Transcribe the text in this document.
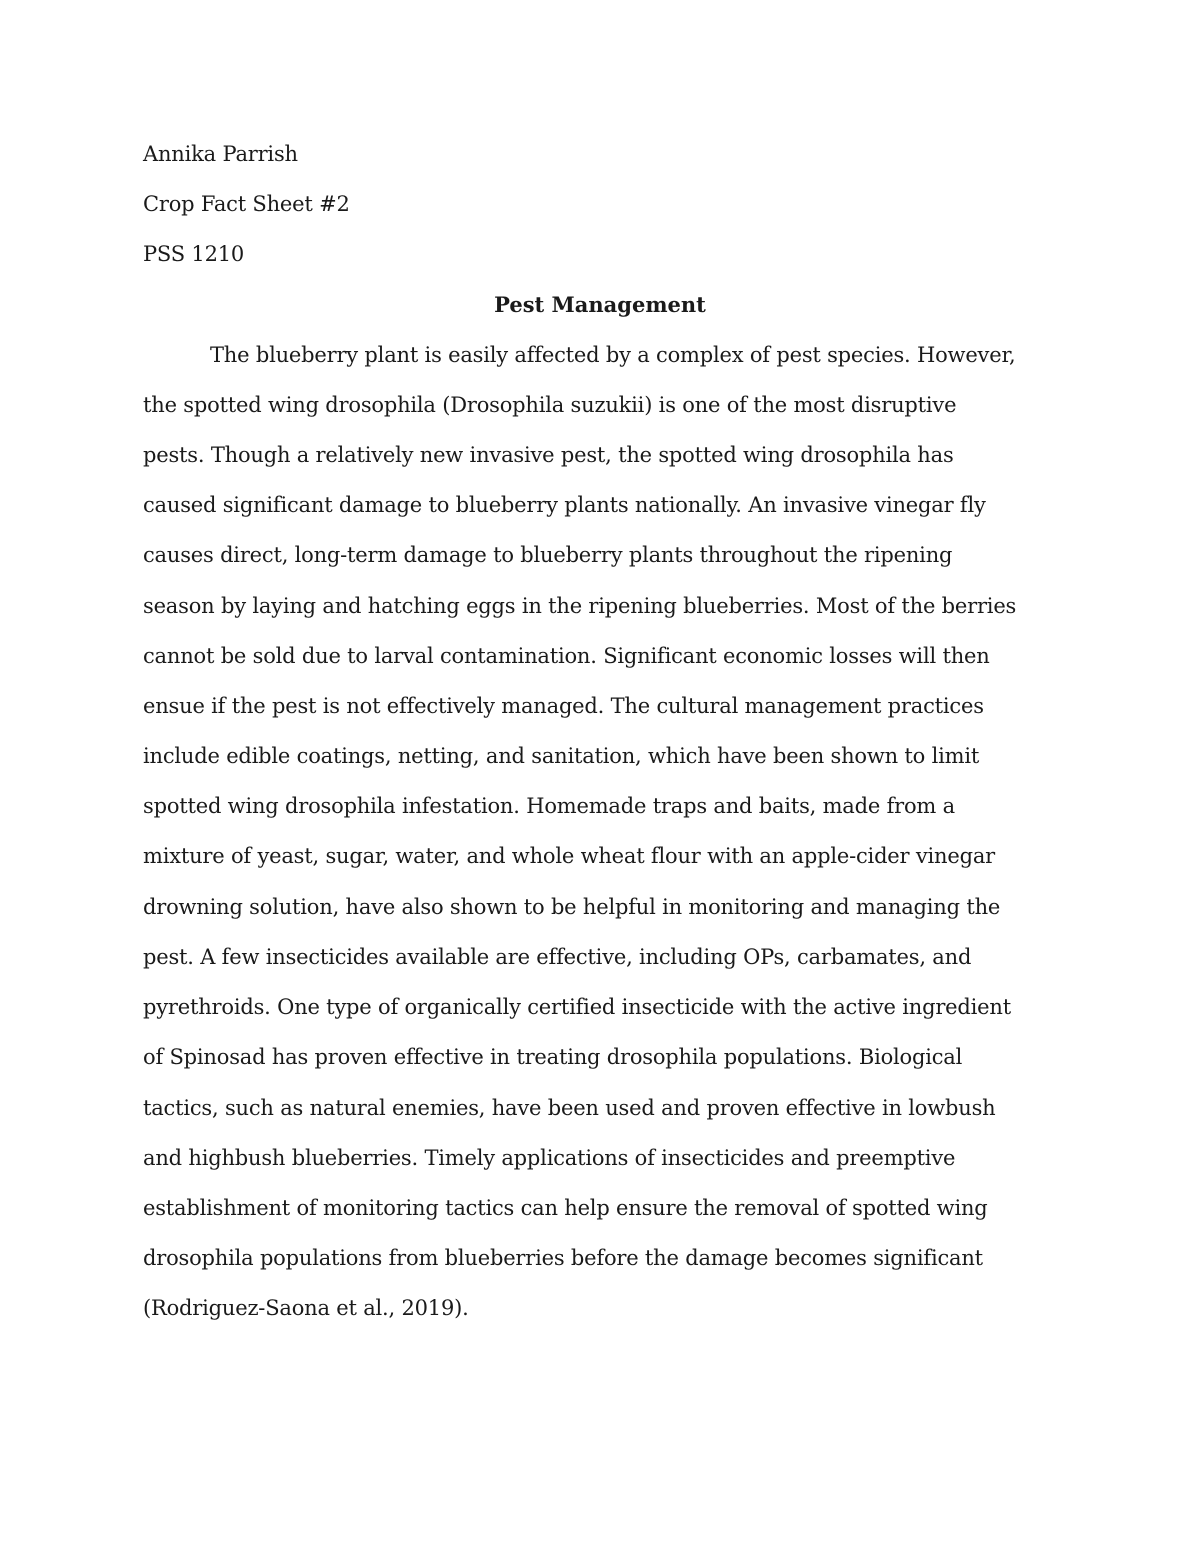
Annika Parrish
Crop Fact Sheet #2
PSS 1210
Pest Management
The blueberry plant is easily affected by a complex of pest species. However,
the spotted wing drosophila (Drosophila suzukii) is one of the most disruptive
pests. Though a relatively new invasive pest, the spotted wing drosophila has
caused significant damage to blueberry plants nationally. An invasive vinegar fly
causes direct, long-term damage to blueberry plants throughout the ripening
season by laying and hatching eggs in the ripening blueberries. Most of the berries
cannot be sold due to larval contamination. Significant economic losses will then
ensue if the pest is not effectively managed. The cultural management practices
include edible coatings, netting, and sanitation, which have been shown to limit
spotted wing drosophila infestation. Homemade traps and baits, made from a
mixture of yeast, sugar, water, and whole wheat flour with an apple-cider vinegar
drowning solution, have also shown to be helpful in monitoring and managing the
pest. A few insecticides available are effective, including OPs, carbamates, and
pyrethroids. One type of organically certified insecticide with the active ingredient
of Spinosad has proven effective in treating drosophila populations. Biological
tactics, such as natural enemies, have been used and proven effective in lowbush
and highbush blueberries. Timely applications of insecticides and preemptive
establishment of monitoring tactics can help ensure the removal of spotted wing
drosophila populations from blueberries before the damage becomes significant
(Rodriguez-Saona et al., 2019).
